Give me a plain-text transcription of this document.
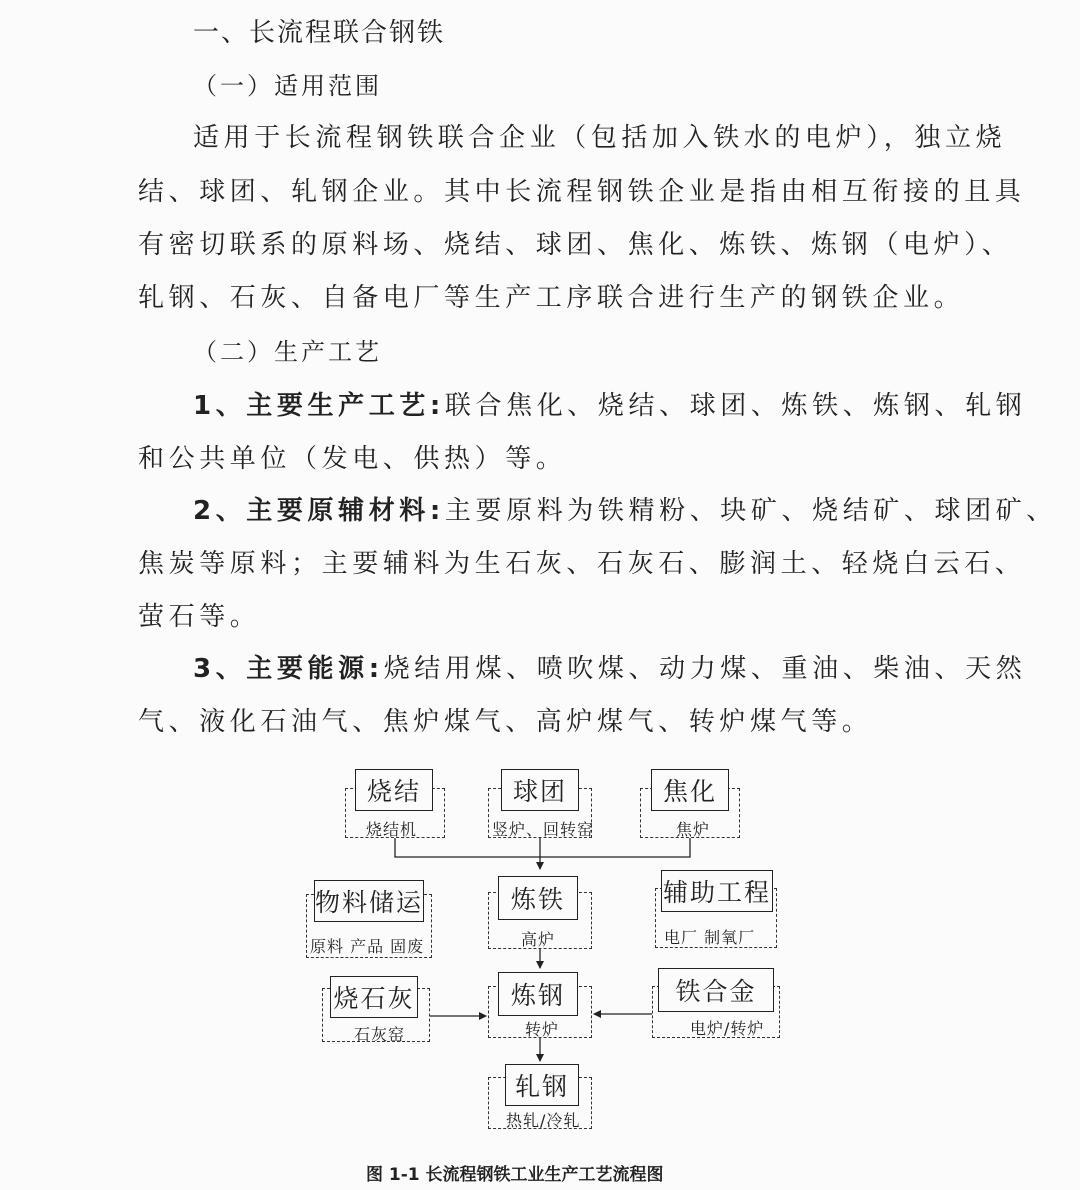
一、长流程联合钢铁
（一）适用范围
适用于长流程钢铁联合企业（包括加入铁水的电炉），独立烧
结、球团、轧钢企业。其中长流程钢铁企业是指由相互衔接的且具
有密切联系的原料场、烧结、球团、焦化、炼铁、炼钢（电炉）、
轧钢、石灰、自备电厂等生产工序联合进行生产的钢铁企业。
（二）生产工艺
1、主要生产工艺:联合焦化、烧结、球团、炼铁、炼钢、轧钢
和公共单位（发电、供热）等。
2、主要原辅材料:主要原料为铁精粉、块矿、烧结矿、球团矿、
焦炭等原料；主要辅料为生石灰、石灰石、膨润土、轻烧白云石、
萤石等。
3、主要能源:烧结用煤、喷吹煤、动力煤、重油、柴油、天然
气、液化石油气、焦炉煤气、高炉煤气、转炉煤气等。
烧结
烧结机
球团
竖炉、回转窑
焦化
焦炉
物料储运
原料 产品 固废
炼铁
高炉
辅助工程
电厂 制氧厂
烧石灰
石灰窑
炼钢
转炉
铁合金
电炉/转炉
轧钢
热轧/冷轧
图 1-1 长流程钢铁工业生产工艺流程图
